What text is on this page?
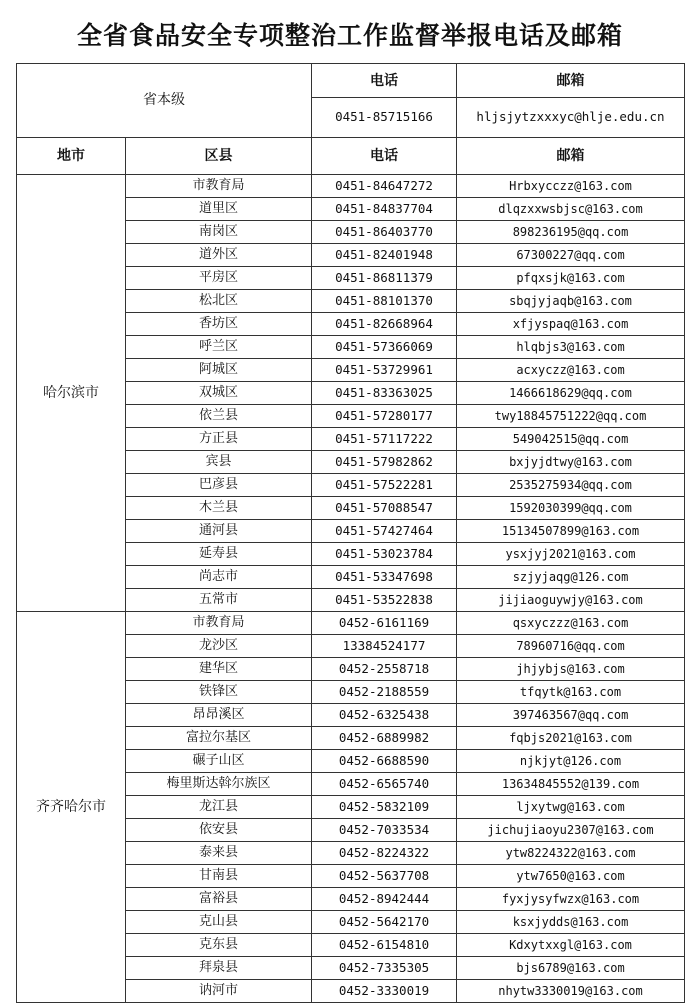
全省食品安全专项整治工作监督举报电话及邮箱
省本级		电话	邮箱
		0451-85715166	hljsjytzxxxyc@hlje.edu.cn
地市	区县	电话	邮箱
哈尔滨市	市教育局	0451-84647272	Hrbxycczz@163.com
	道里区	0451-84837704	dlqzxxwsbjsc@163.com
	南岗区	0451-86403770	898236195@qq.com
	道外区	0451-82401948	67300227@qq.com
	平房区	0451-86811379	pfqxsjk@163.com
	松北区	0451-88101370	sbqjyjaqb@163.com
	香坊区	0451-82668964	xfjyspaq@163.com
	呼兰区	0451-57366069	hlqbjs3@163.com
	阿城区	0451-53729961	acxyczz@163.com
	双城区	0451-83363025	1466618629@qq.com
	依兰县	0451-57280177	twy18845751222@qq.com
	方正县	0451-57117222	549042515@qq.com
	宾县	0451-57982862	bxjyjdtwy@163.com
	巴彦县	0451-57522281	2535275934@qq.com
	木兰县	0451-57088547	1592030399@qq.com
	通河县	0451-57427464	15134507899@163.com
	延寿县	0451-53023784	ysxjyj2021@163.com
	尚志市	0451-53347698	szjyjaqg@126.com
	五常市	0451-53522838	jijiaoguywjy@163.com
齐齐哈尔市	市教育局	0452-6161169	qsxyczzz@163.com
	龙沙区	13384524177	78960716@qq.com
	建华区	0452-2558718	jhjybjs@163.com
	铁锋区	0452-2188559	tfqytk@163.com
	昂昂溪区	0452-6325438	397463567@qq.com
	富拉尔基区	0452-6889982	fqbjs2021@163.com
	碾子山区	0452-6688590	njkjyt@126.com
	梅里斯达斡尔族区	0452-6565740	13634845552@139.com
	龙江县	0452-5832109	ljxytwg@163.com
	依安县	0452-7033534	jichujiaoyu2307@163.com
	泰来县	0452-8224322	ytw8224322@163.com
	甘南县	0452-5637708	ytw7650@163.com
	富裕县	0452-8942444	fyxjysyfwzx@163.com
	克山县	0452-5642170	ksxjydds@163.com
	克东县	0452-6154810	Kdxytxxgl@163.com
	拜泉县	0452-7335305	bjs6789@163.com
	讷河市	0452-3330019	nhytw3330019@163.com
